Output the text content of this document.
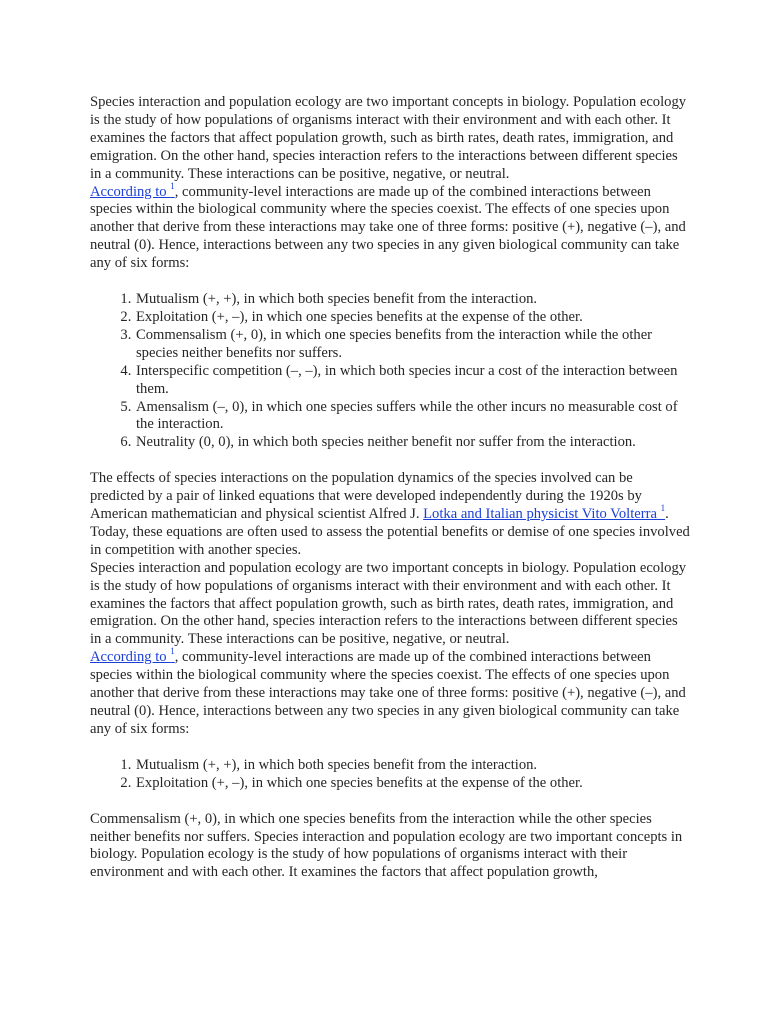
Species interaction and population ecology are two important concepts in biology. Population ecology is the study of how populations of organisms interact with their environment and with each other. It examines the factors that affect population growth, such as birth rates, death rates, immigration, and emigration. On the other hand, species interaction refers to the interactions between different species in a community. These interactions can be positive, negative, or neutral.

According to $^1$, community-level interactions are made up of the combined interactions between species within the biological community where the species coexist. The effects of one species upon another that derive from these interactions may take one of three forms: positive (+), negative (–), and neutral (0). Hence, interactions between any two species in any given biological community can take any of six forms:

1. Mutualism (+, +), in which both species benefit from the interaction.
2. Exploitation (+, –), in which one species benefits at the expense of the other.
3. Commensalism (+, 0), in which one species benefits from the interaction while the other species neither benefits nor suffers.
4. Interspecific competition (–, –), in which both species incur a cost of the interaction between them.
5. Amensalism (–, 0), in which one species suffers while the other incurs no measurable cost of the interaction.
6. Neutrality (0, 0), in which both species neither benefit nor suffer from the interaction.

The effects of species interactions on the population dynamics of the species involved can be predicted by a pair of linked equations that were developed independently during the 1920s by American mathematician and physical scientist Alfred J. Lotka and Italian physicist Vito Volterra $^1$. Today, these equations are often used to assess the potential benefits or demise of one species involved in competition with another species.

Species interaction and population ecology are two important concepts in biology. Population ecology is the study of how populations of organisms interact with their environment and with each other. It examines the factors that affect population growth, such as birth rates, death rates, immigration, and emigration. On the other hand, species interaction refers to the interactions between different species in a community. These interactions can be positive, negative, or neutral.

According to $^1$, community-level interactions are made up of the combined interactions between species within the biological community where the species coexist. The effects of one species upon another that derive from these interactions may take one of three forms: positive (+), negative (–), and neutral (0). Hence, interactions between any two species in any given biological community can take any of six forms:

1. Mutualism (+, +), in which both species benefit from the interaction.
2. Exploitation (+, –), in which one species benefits at the expense of the other.

Commensalism (+, 0), in which one species benefits from the interaction while the other species neither benefits nor suffers. Species interaction and population ecology are two important concepts in biology. Population ecology is the study of how populations of organisms interact with their environment and with each other. It examines the factors that affect population growth,
